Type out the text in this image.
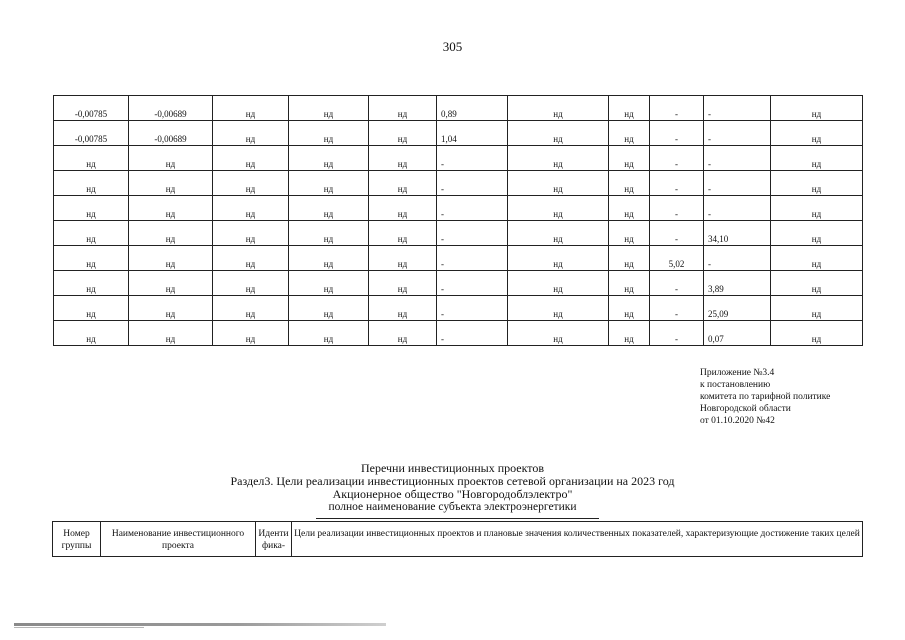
305
-0,00785	-0,00689	нд	нд	нд	0,89	нд	нд	-	-	нд
-0,00785	-0,00689	нд	нд	нд	1,04	нд	нд	-	-	нд
нд	нд	нд	нд	нд	-	нд	нд	-	-	нд
нд	нд	нд	нд	нд	-	нд	нд	-	-	нд
нд	нд	нд	нд	нд	-	нд	нд	-	-	нд
нд	нд	нд	нд	нд	-	нд	нд	-	34,10	нд
нд	нд	нд	нд	нд	-	нд	нд	5,02	-	нд
нд	нд	нд	нд	нд	-	нд	нд	-	3,89	нд
нд	нд	нд	нд	нд	-	нд	нд	-	25,09	нд
нд	нд	нд	нд	нд	-	нд	нд	-	0,07	нд
Приложение №3.4
к постановлению
комитета по тарифной политике
Новгородской области
от 01.10.2020 №42
Перечни инвестиционных проектов
Раздел3. Цели реализации инвестиционных проектов сетевой организации на 2023 год
Акционерное общество "Новгородоблэлектро"
полное наименование субъекта электроэнергетики
Номер группы	Наименование инвестиционного проекта	Иденти фика-	Цели реализации инвестиционных проектов и плановые значения количественных показателей, характеризующие достижение таких целей
